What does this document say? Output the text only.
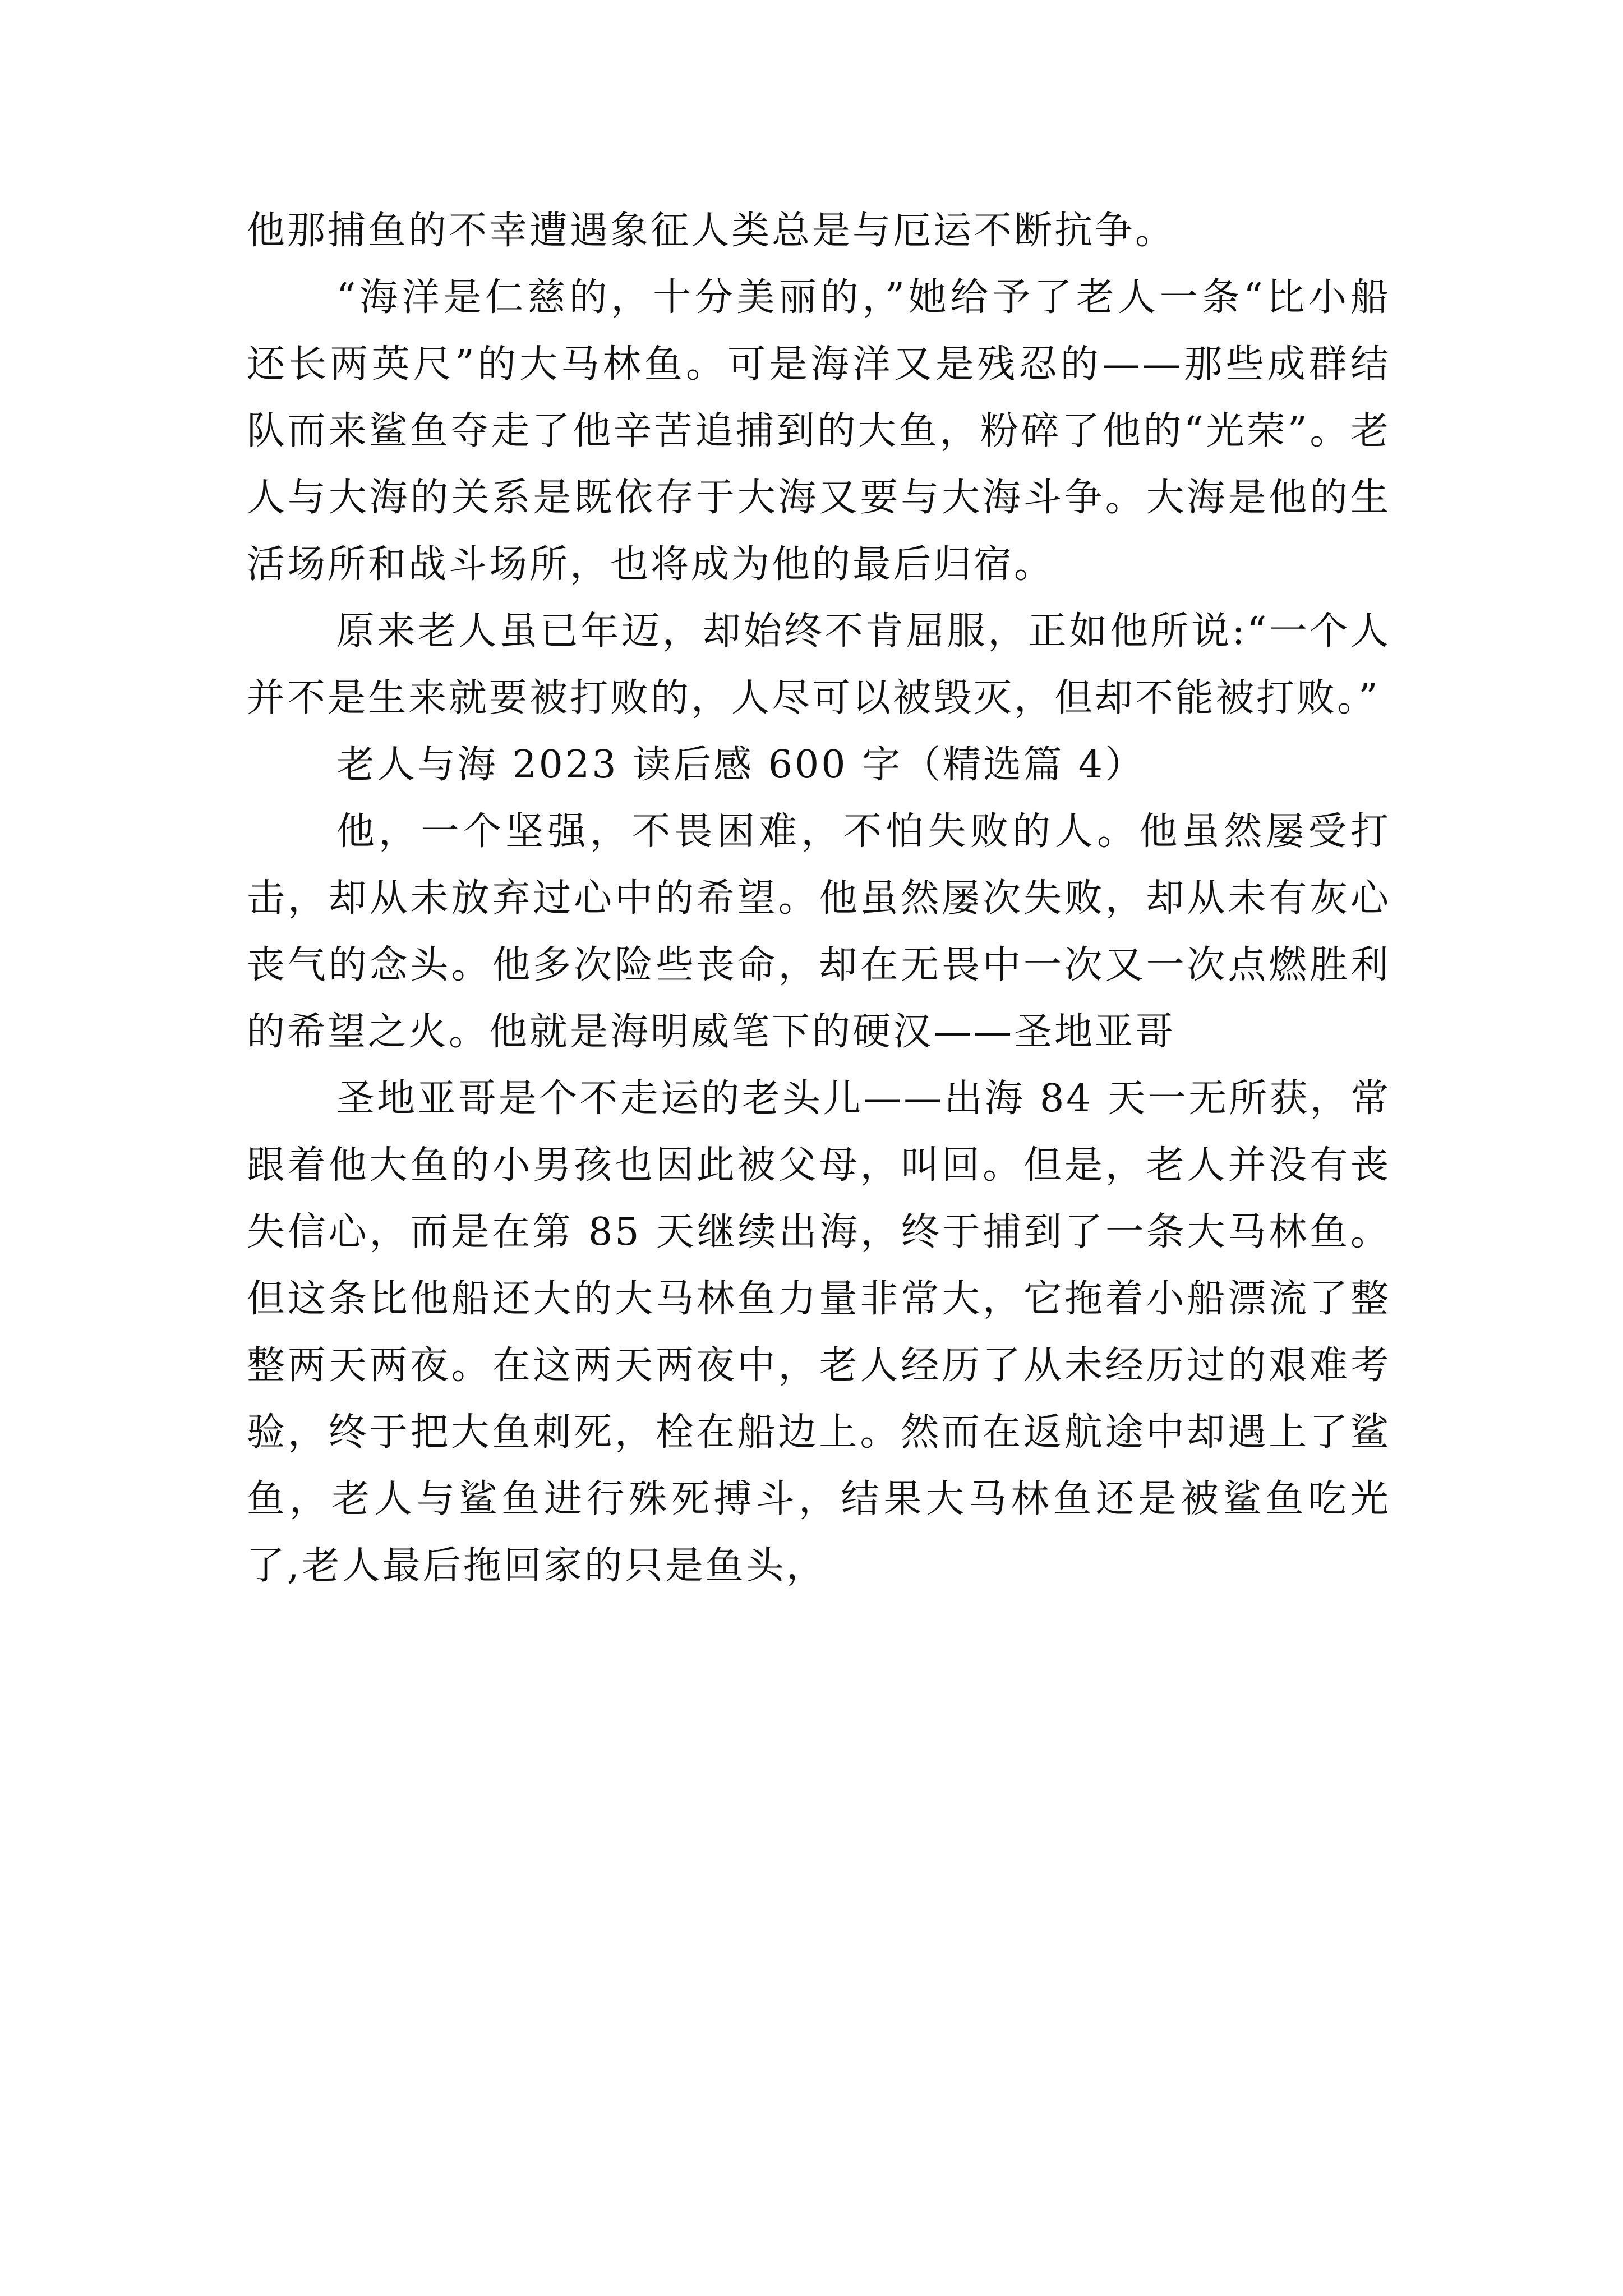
他那捕鱼的不幸遭遇象征人类总是与厄运不断抗争。

“海洋是仁慈的，十分美丽的，”她给予了老人一条“比小船还长两英尺”的大马林鱼。可是海洋又是残忍的——那些成群结队而来鲨鱼夺走了他辛苦追捕到的大鱼，粉碎了他的“光荣”。老人与大海的关系是既依存于大海又要与大海斗争。大海是他的生活场所和战斗场所，也将成为他的最后归宿。

原来老人虽已年迈，却始终不肯屈服，正如他所说:“一个人并不是生来就要被打败的，人尽可以被毁灭，但却不能被打败。”

老人与海 2023 读后感 600 字（精选篇 4）

他，一个坚强，不畏困难，不怕失败的人。他虽然屡受打击，却从未放弃过心中的希望。他虽然屡次失败，却从未有灰心丧气的念头。他多次险些丧命，却在无畏中一次又一次点燃胜利的希望之火。他就是海明威笔下的硬汉——圣地亚哥

圣地亚哥是个不走运的老头儿——出海 84 天一无所获，常跟着他大鱼的小男孩也因此被父母，叫回。但是，老人并没有丧失信心，而是在第 85 天继续出海，终于捕到了一条大马林鱼。但这条比他船还大的大马林鱼力量非常大，它拖着小船漂流了整整两天两夜。在这两天两夜中，老人经历了从未经历过的艰难考验，终于把大鱼刺死，栓在船边上。然而在返航途中却遇上了鲨鱼，老人与鲨鱼进行殊死搏斗，结果大马林鱼还是被鲨鱼吃光了,老人最后拖回家的只是鱼头，
